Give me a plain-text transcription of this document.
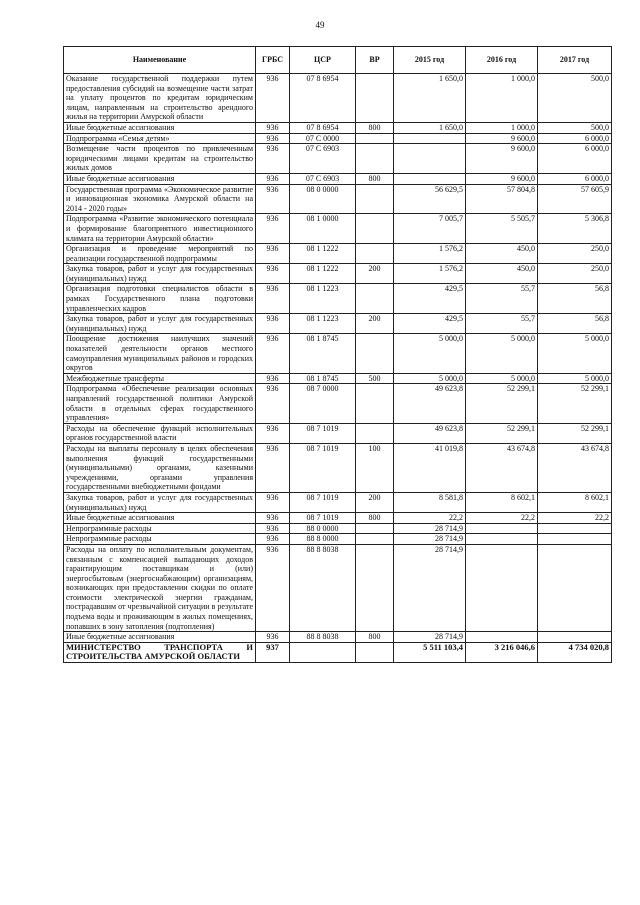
49
Наименование	ГРБС	ЦСР	ВР	2015 год	2016 год	2017 год
Оказание государственной поддержки путем предоставления субсидий на возмещение части затрат на уплату процентов по кредитам юридическим лицам, направленным на строительство арендного жилья на территории Амурской области	936	07 8 6954		1 650,0	1 000,0	500,0
Иные бюджетные ассигнования	936	07 8 6954	800	1 650,0	1 000,0	500,0
Подпрограмма «Семья детям»	936	07 С 0000			9 600,0	6 000,0
Возмещение части процентов по привлеченным юридическими лицами кредитам на строительство жилых домов	936	07 С 6903			9 600,0	6 000,0
Иные бюджетные ассигнования	936	07 С 6903	800		9 600,0	6 000,0
Государственная программа «Экономическое развитие и инновационная экономика Амурской области на 2014 - 2020 годы»	936	08 0 0000		56 629,5	57 804,8	57 605,9
Подпрограмма «Развитие экономического потенциала и формирование благоприятного инвестиционного климата на территории Амурской области»	936	08 1 0000		7 005,7	5 505,7	5 306,8
Организация и проведение мероприятий по реализации государственной подпрограммы	936	08 1 1222		1 576,2	450,0	250,0
Закупка товаров, работ и услуг для государственных (муниципальных) нужд	936	08 1 1222	200	1 576,2	450,0	250,0
Организация подготовки специалистов области в рамках Государственного плана подготовки управленческих кадров	936	08 1 1223		429,5	55,7	56,8
Закупка товаров, работ и услуг для государственных (муниципальных) нужд	936	08 1 1223	200	429,5	55,7	56,8
Поощрение достижения наилучших значений показателей деятельности органов местного самоуправления муниципальных районов и городских округов	936	08 1 8745		5 000,0	5 000,0	5 000,0
Межбюджетные трансферты	936	08 1 8745	500	5 000,0	5 000,0	5 000,0
Подпрограмма «Обеспечение реализации основных направлений государственной политики Амурской области в отдельных сферах государственного управления»	936	08 7 0000		49 623,8	52 299,1	52 299,1
Расходы на обеспечение функций исполнительных органов государственной власти	936	08 7 1019		49 623,8	52 299,1	52 299,1
Расходы на выплаты персоналу в целях обеспечения выполнения функций государственными (муниципальными) органами, казенными учреждениями, органами управления государственными внебюджетными фондами	936	08 7 1019	100	41 019,8	43 674,8	43 674,8
Закупка товаров, работ и услуг для государственных (муниципальных) нужд	936	08 7 1019	200	8 581,8	8 602,1	8 602,1
Иные бюджетные ассигнования	936	08 7 1019	800	22,2	22,2	22,2
Непрограммные расходы	936	88 0 0000		28 714,9		
Непрограммные расходы	936	88 8 0000		28 714,9		
Расходы на оплату по исполнительным документам, связанным с компенсацией выпадающих доходов гарантирующим поставщикам и (или) энергосбытовым (энергоснабжающим) организациям, возникающих при предоставлении скидки по оплате стоимости электрической энергии гражданам, пострадавшим от чрезвычайной ситуации в результате подъема воды и проживающим в жилых помещениях, попавших в зону затопления (подтопления)	936	88 8 8038		28 714,9		
Иные бюджетные ассигнования	936	88 8 8038	800	28 714,9		
МИНИСТЕРСТВО ТРАНСПОРТА И СТРОИТЕЛЬСТВА АМУРСКОЙ ОБЛАСТИ	937			5 511 103,4	3 216 046,6	4 734 020,8
